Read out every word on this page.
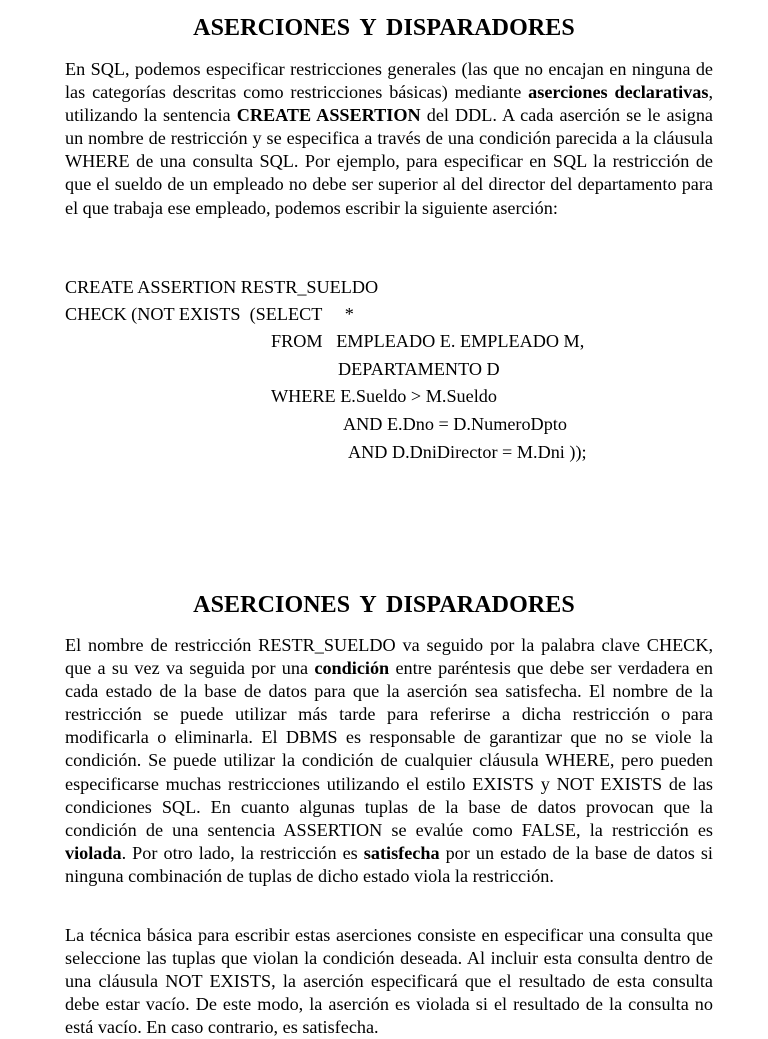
ASERCIONES Y DISPARADORES

En SQL, podemos especificar restricciones generales (las que no encajan en ninguna de las categorías descritas como restricciones básicas) mediante aserciones declarativas, utilizando la sentencia CREATE ASSERTION del DDL. A cada aserción se le asigna un nombre de restricción y se especifica a través de una condición parecida a la cláusula WHERE de una consulta SQL. Por ejemplo, para especificar en SQL la restricción de que el sueldo de un empleado no debe ser superior al del director del departamento para el que trabaja ese empleado, podemos escribir la siguiente aserción:

CREATE ASSERTION RESTR_SUELDO
CHECK (NOT EXISTS  (SELECT     *
FROM   EMPLEADO E. EMPLEADO M,
DEPARTAMENTO D
WHERE E.Sueldo > M.Sueldo
AND E.Dno = D.NumeroDpto
AND D.DniDirector = M.Dni ));
ASERCIONES Y DISPARADORES

El nombre de restricción RESTR_SUELDO va seguido por la palabra clave CHECK, que a su vez va seguida por una condición entre paréntesis que debe ser verdadera en cada estado de la base de datos para que la aserción sea satisfecha. El nombre de la restricción se puede utilizar más tarde para referirse a dicha restricción o para modificarla o eliminarla. El DBMS es responsable de garantizar que no se viole la condición. Se puede utilizar la condición de cualquier cláusula WHERE, pero pueden especificarse muchas restricciones utilizando el estilo EXISTS y NOT EXISTS de las condiciones SQL. En cuanto algunas tuplas de la base de datos provocan que la condición de una sentencia ASSERTION se evalúe como FALSE, la restricción es violada. Por otro lado, la restricción es satisfecha por un estado de la base de datos si ninguna combinación de tuplas de dicho estado viola la restricción.

La técnica básica para escribir estas aserciones consiste en especificar una consulta que seleccione las tuplas que violan la condición deseada. Al incluir esta consulta dentro de una cláusula NOT EXISTS, la aserción especificará que el resultado de esta consulta debe estar vacío. De este modo, la aserción es violada si el resultado de la consulta no está vacío. En caso contrario, es satisfecha.
